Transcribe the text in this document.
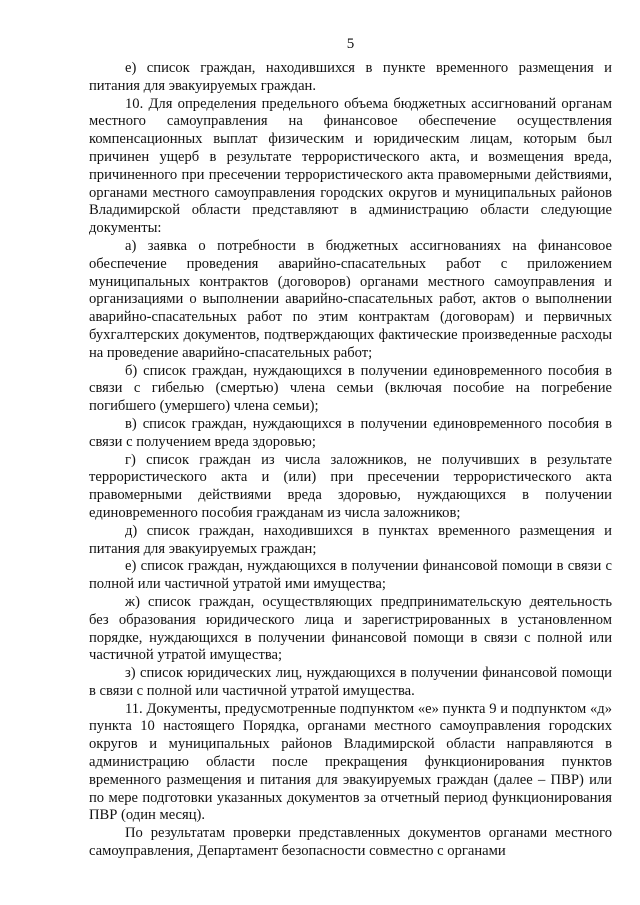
5

е) список граждан, находившихся в пункте временного размещения и питания для эвакуируемых граждан.

10. Для определения предельного объема бюджетных ассигнований органам местного самоуправления на финансовое обеспечение осуществления компенсационных выплат физическим и юридическим лицам, которым был причинен ущерб в результате террористического акта, и возмещения вреда, причиненного при пресечении террористического акта правомерными действиями, органами местного самоуправления городских округов и муниципальных районов Владимирской области представляют в администрацию области следующие документы:

а) заявка о потребности в бюджетных ассигнованиях на финансовое обеспечение проведения аварийно-спасательных работ с приложением муниципальных контрактов (договоров) органами местного самоуправления и организациями о выполнении аварийно-спасательных работ, актов о выполнении аварийно-спасательных работ по этим контрактам (договорам) и первичных бухгалтерских документов, подтверждающих фактические произведенные расходы на проведение аварийно-спасательных работ;

б) список граждан, нуждающихся в получении единовременного пособия в связи с гибелью (смертью) члена семьи (включая пособие на погребение погибшего (умершего) члена семьи);

в) список граждан, нуждающихся в получении единовременного пособия в связи с получением вреда здоровью;

г) список граждан из числа заложников, не получивших в результате террористического акта и (или) при пресечении террористического акта правомерными действиями вреда здоровью, нуждающихся в получении единовременного пособия гражданам из числа заложников;

д) список граждан, находившихся в пунктах временного размещения и питания для эвакуируемых граждан;

е) список граждан, нуждающихся в получении финансовой помощи в связи с полной или частичной утратой ими имущества;

ж) список граждан, осуществляющих предпринимательскую деятельность без образования юридического лица и зарегистрированных в установленном порядке, нуждающихся в получении финансовой помощи в связи с полной или частичной утратой имущества;

з) список юридических лиц, нуждающихся в получении финансовой помощи в связи с полной или частичной утратой имущества.

11. Документы, предусмотренные подпунктом «е» пункта 9 и подпунктом «д» пункта 10 настоящего Порядка, органами местного самоуправления городских округов и муниципальных районов Владимирской области направляются в администрацию области после прекращения функционирования пунктов временного размещения и питания для эвакуируемых граждан (далее – ПВР) или по мере подготовки указанных документов за отчетный период функционирования ПВР (один месяц).

По результатам проверки представленных документов органами местного самоуправления, Департамент безопасности совместно с органами
